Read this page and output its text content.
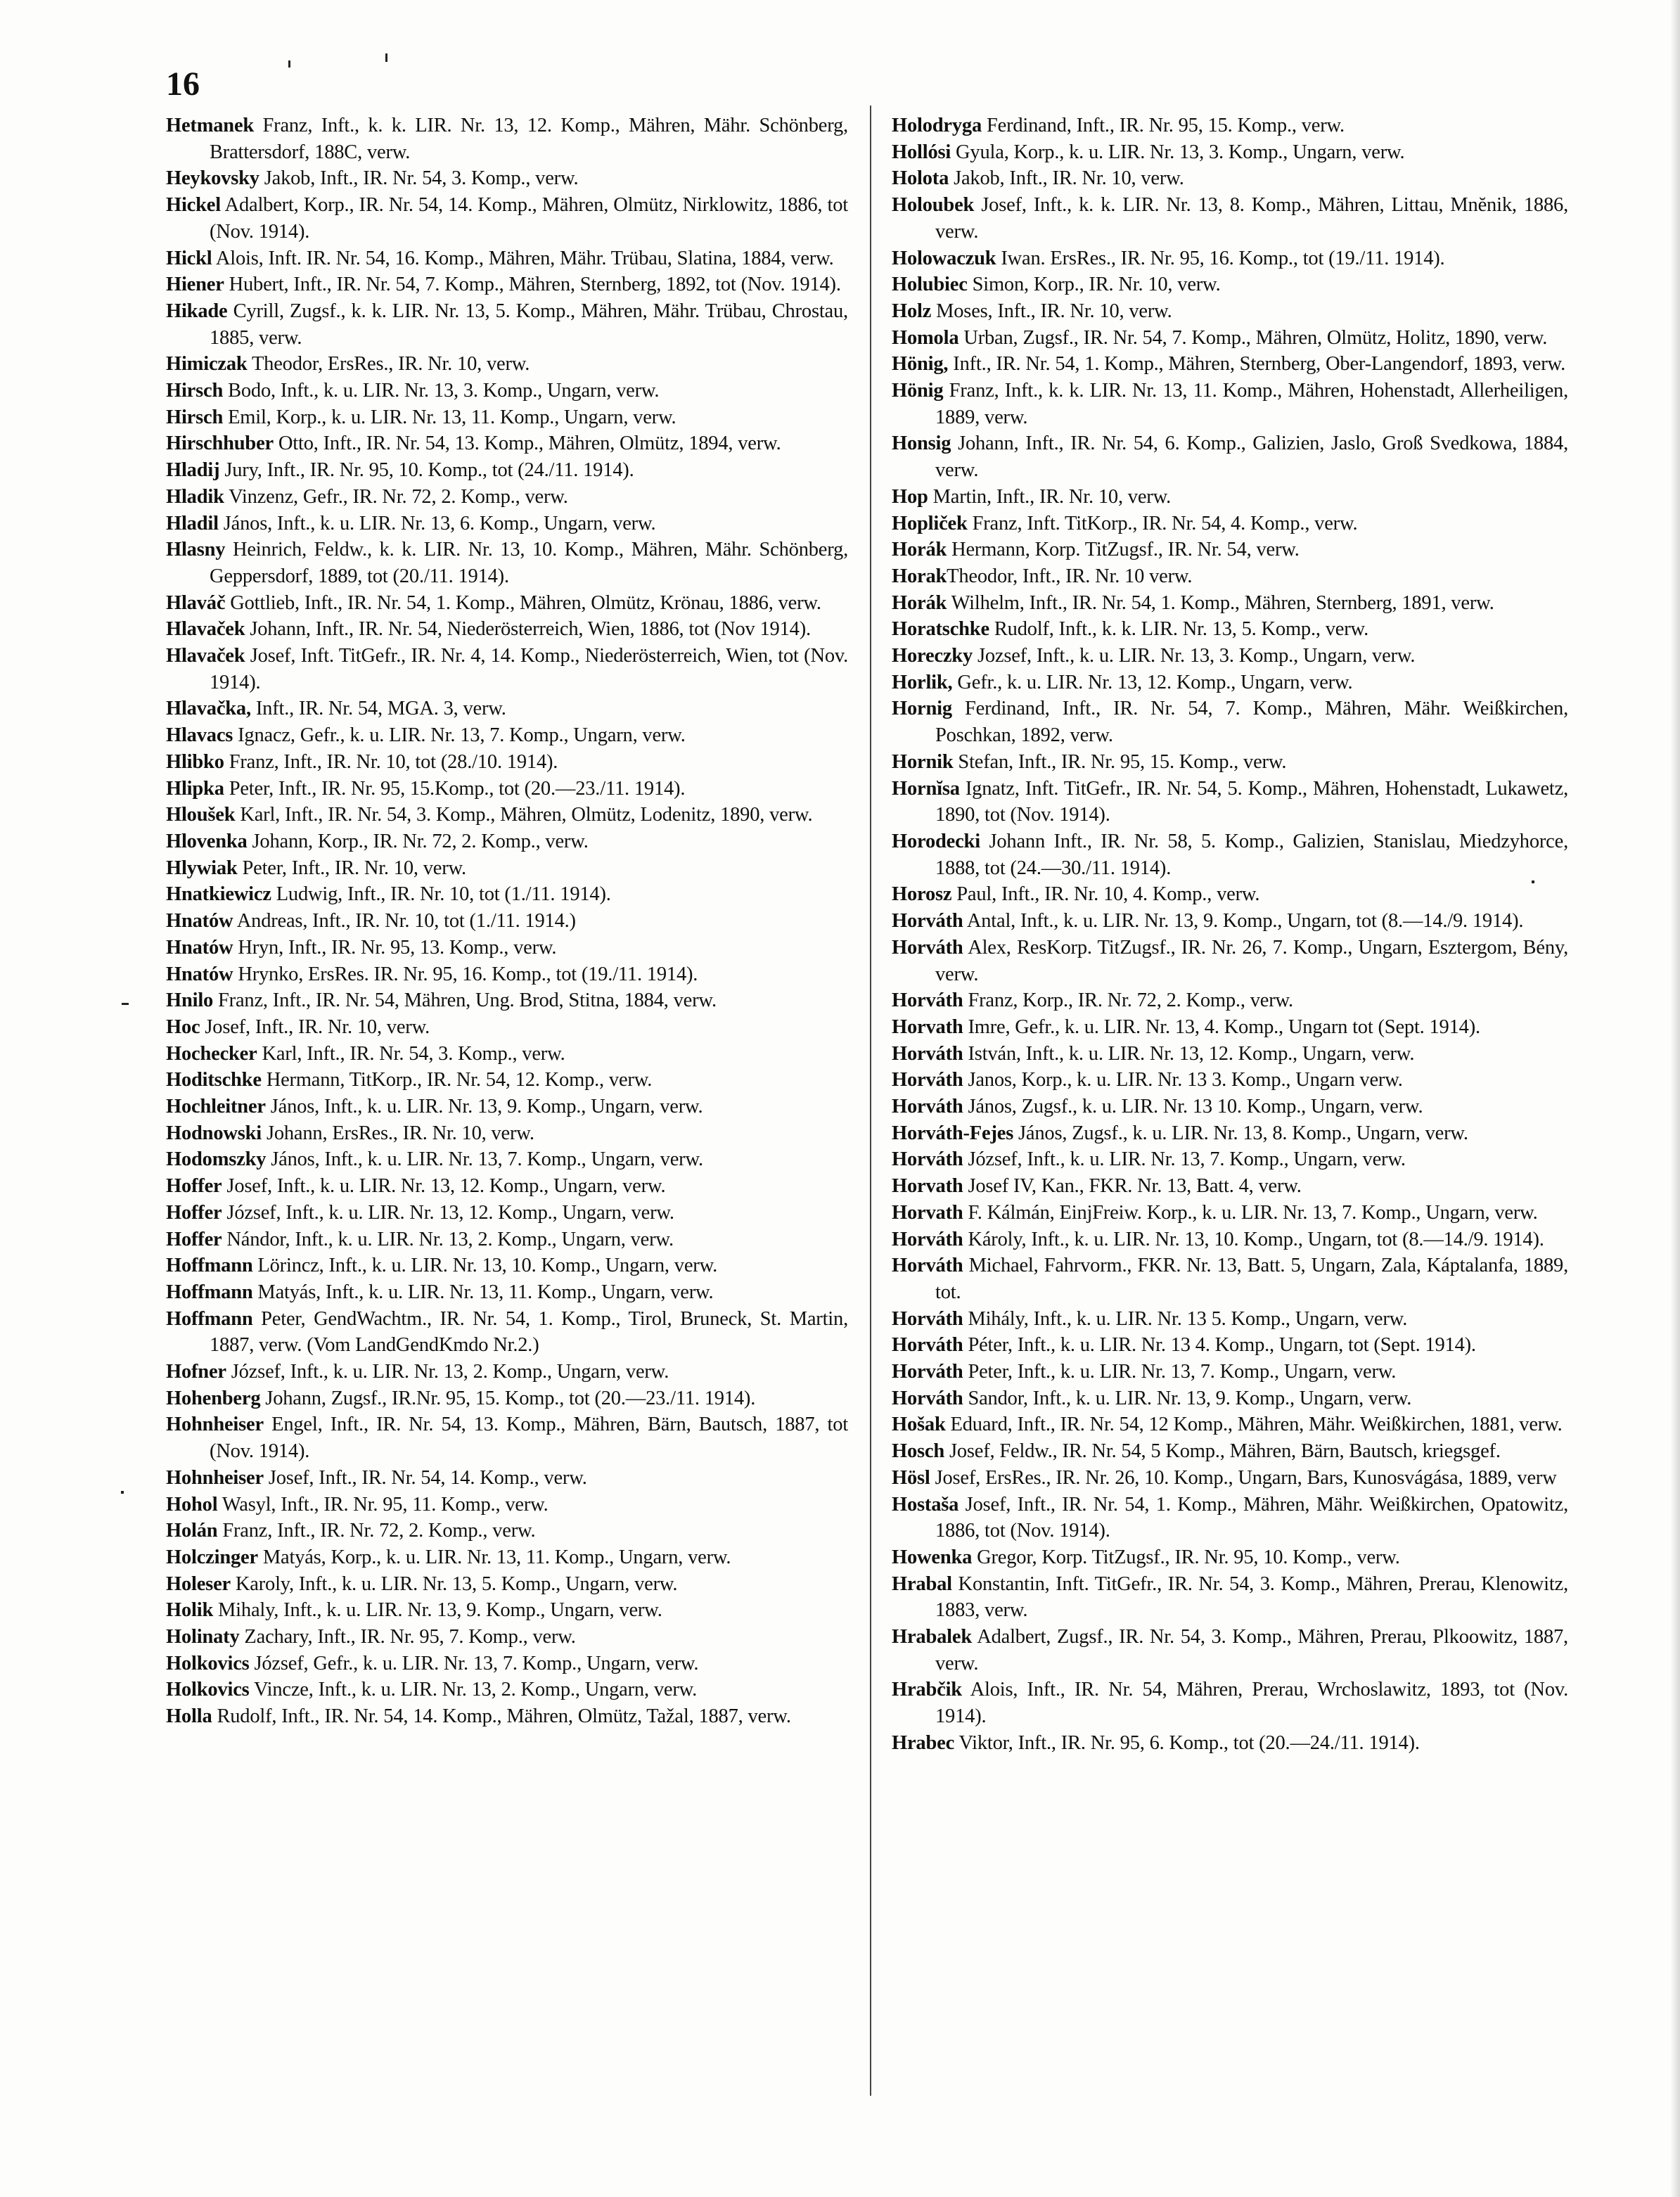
16

Hetmanek Franz, Inft., k. k. LIR. Nr. 13, 12. Komp., Mähren, Mähr. Schönberg, Brattersdorf, 188C, verw.

Heykovsky Jakob, Inft., IR. Nr. 54, 3. Komp., verw.

Hickel Adalbert, Korp., IR. Nr. 54, 14. Komp., Mähren, Olmütz, Nirklowitz, 1886, tot (Nov. 1914).

Hickl Alois, Inft. IR. Nr. 54, 16. Komp., Mähren, Mähr. Trübau, Slatina, 1884, verw.

Hiener Hubert, Inft., IR. Nr. 54, 7. Komp., Mähren, Sternberg, 1892, tot (Nov. 1914).

Hikade Cyrill, Zugsf., k. k. LIR. Nr. 13, 5. Komp., Mähren, Mähr. Trübau, Chrostau, 1885, verw.

Himiczak Theodor, ErsRes., IR. Nr. 10, verw.

Hirsch Bodo, Inft., k. u. LIR. Nr. 13, 3. Komp., Ungarn, verw.

Hirsch Emil, Korp., k. u. LIR. Nr. 13, 11. Komp., Ungarn, verw.

Hirschhuber Otto, Inft., IR. Nr. 54, 13. Komp., Mähren, Olmütz, 1894, verw.

Hladij Jury, Inft., IR. Nr. 95, 10. Komp., tot (24./11. 1914).

Hladik Vinzenz, Gefr., IR. Nr. 72, 2. Komp., verw.

Hladil János, Inft., k. u. LIR. Nr. 13, 6. Komp., Ungarn, verw.

Hlasny Heinrich, Feldw., k. k. LIR. Nr. 13, 10. Komp., Mähren, Mähr. Schönberg, Geppersdorf, 1889, tot (20./11. 1914).

Hlaváč Gottlieb, Inft., IR. Nr. 54, 1. Komp., Mähren, Olmütz, Krönau, 1886, verw.

Hlavaček Johann, Inft., IR. Nr. 54, Niederösterreich, Wien, 1886, tot (Nov 1914).

Hlavaček Josef, Inft. TitGefr., IR. Nr. 4, 14. Komp., Niederösterreich, Wien, tot (Nov. 1914).

Hlavačka, Inft., IR. Nr. 54, MGA. 3, verw.

Hlavacs Ignacz, Gefr., k. u. LIR. Nr. 13, 7. Komp., Ungarn, verw.

Hlibko Franz, Inft., IR. Nr. 10, tot (28./10. 1914).

Hlipka Peter, Inft., IR. Nr. 95, 15.Komp., tot (20.—23./11. 1914).

Hloušek Karl, Inft., IR. Nr. 54, 3. Komp., Mähren, Olmütz, Lodenitz, 1890, verw.

Hlovenka Johann, Korp., IR. Nr. 72, 2. Komp., verw.

Hlywiak Peter, Inft., IR. Nr. 10, verw.

Hnatkiewicz Ludwig, Inft., IR. Nr. 10, tot (1./11. 1914).

Hnatów Andreas, Inft., IR. Nr. 10, tot (1./11. 1914.)

Hnatów Hryn, Inft., IR. Nr. 95, 13. Komp., verw.

Hnatów Hrynko, ErsRes. IR. Nr. 95, 16. Komp., tot (19./11. 1914).

Hnilo Franz, Inft., IR. Nr. 54, Mähren, Ung. Brod, Stitna, 1884, verw.

Hoc Josef, Inft., IR. Nr. 10, verw.

Hochecker Karl, Inft., IR. Nr. 54, 3. Komp., verw.

Hoditschke Hermann, TitKorp., IR. Nr. 54, 12. Komp., verw.

Hochleitner János, Inft., k. u. LIR. Nr. 13, 9. Komp., Ungarn, verw.

Hodnowski Johann, ErsRes., IR. Nr. 10, verw.

Hodomszky János, Inft., k. u. LIR. Nr. 13, 7. Komp., Ungarn, verw.

Hoffer Josef, Inft., k. u. LIR. Nr. 13, 12. Komp., Ungarn, verw.

Hoffer József, Inft., k. u. LIR. Nr. 13, 12. Komp., Ungarn, verw.

Hoffer Nándor, Inft., k. u. LIR. Nr. 13, 2. Komp., Ungarn, verw.

Hoffmann Lörincz, Inft., k. u. LIR. Nr. 13, 10. Komp., Ungarn, verw.

Hoffmann Matyás, Inft., k. u. LIR. Nr. 13, 11. Komp., Ungarn, verw.

Hoffmann Peter, GendWachtm., IR. Nr. 54, 1. Komp., Tirol, Bruneck, St. Martin, 1887, verw. (Vom LandGendKmdo Nr.2.)

Hofner József, Inft., k. u. LIR. Nr. 13, 2. Komp., Ungarn, verw.

Hohenberg Johann, Zugsf., IR.Nr. 95, 15. Komp., tot (20.—23./11. 1914).

Hohnheiser Engel, Inft., IR. Nr. 54, 13. Komp., Mähren, Bärn, Bautsch, 1887, tot (Nov. 1914).

Hohnheiser Josef, Inft., IR. Nr. 54, 14. Komp., verw.

Hohol Wasyl, Inft., IR. Nr. 95, 11. Komp., verw.

Holán Franz, Inft., IR. Nr. 72, 2. Komp., verw.

Holczinger Matyás, Korp., k. u. LIR. Nr. 13, 11. Komp., Ungarn, verw.

Holeser Karoly, Inft., k. u. LIR. Nr. 13, 5. Komp., Ungarn, verw.

Holik Mihaly, Inft., k. u. LIR. Nr. 13, 9. Komp., Ungarn, verw.

Holinaty Zachary, Inft., IR. Nr. 95, 7. Komp., verw.

Holkovics József, Gefr., k. u. LIR. Nr. 13, 7. Komp., Ungarn, verw.

Holkovics Vincze, Inft., k. u. LIR. Nr. 13, 2. Komp., Ungarn, verw.

Holla Rudolf, Inft., IR. Nr. 54, 14. Komp., Mähren, Olmütz, Tažal, 1887, verw.

Holodryga Ferdinand, Inft., IR. Nr. 95, 15. Komp., verw.

Hollósi Gyula, Korp., k. u. LIR. Nr. 13, 3. Komp., Ungarn, verw.

Holota Jakob, Inft., IR. Nr. 10, verw.

Holoubek Josef, Inft., k. k. LIR. Nr. 13, 8. Komp., Mähren, Littau, Mnĕnik, 1886, verw.

Holowaczuk Iwan. ErsRes., IR. Nr. 95, 16. Komp., tot (19./11. 1914).

Holubiec Simon, Korp., IR. Nr. 10, verw.

Holz Moses, Inft., IR. Nr. 10, verw.

Homola Urban, Zugsf., IR. Nr. 54, 7. Komp., Mähren, Olmütz, Holitz, 1890, verw.

Hönig, Inft., IR. Nr. 54, 1. Komp., Mähren, Sternberg, Ober-Langendorf, 1893, verw.

Hönig Franz, Inft., k. k. LIR. Nr. 13, 11. Komp., Mähren, Hohenstadt, Allerheiligen, 1889, verw.

Honsig Johann, Inft., IR. Nr. 54, 6. Komp., Galizien, Jaslo, Groß Svedkowa, 1884, verw.

Hop Martin, Inft., IR. Nr. 10, verw.

Hopliček Franz, Inft. TitKorp., IR. Nr. 54, 4. Komp., verw.

Horák Hermann, Korp. TitZugsf., IR. Nr. 54, verw.

HorakTheodor, Inft., IR. Nr. 10 verw.

Horák Wilhelm, Inft., IR. Nr. 54, 1. Komp., Mähren, Sternberg, 1891, verw.

Horatschke Rudolf, Inft., k. k. LIR. Nr. 13, 5. Komp., verw.

Horeczky Jozsef, Inft., k. u. LIR. Nr. 13, 3. Komp., Ungarn, verw.

Horlik, Gefr., k. u. LIR. Nr. 13, 12. Komp., Ungarn, verw.

Hornig Ferdinand, Inft., IR. Nr. 54, 7. Komp., Mähren, Mähr. Weißkirchen, Poschkan, 1892, verw.

Hornik Stefan, Inft., IR. Nr. 95, 15. Komp., verw.

Hornĭsa Ignatz, Inft. TitGefr., IR. Nr. 54, 5. Komp., Mähren, Hohenstadt, Lukawetz, 1890, tot (Nov. 1914).

Horodecki Johann Inft., IR. Nr. 58, 5. Komp., Galizien, Stanislau, Miedzyhorce, 1888, tot (24.—30./11. 1914).

Horosz Paul, Inft., IR. Nr. 10, 4. Komp., verw.

Horváth Antal, Inft., k. u. LIR. Nr. 13, 9. Komp., Ungarn, tot (8.—14./9. 1914).

Horváth Alex, ResKorp. TitZugsf., IR. Nr. 26, 7. Komp., Ungarn, Esztergom, Bény, verw.

Horváth Franz, Korp., IR. Nr. 72, 2. Komp., verw.

Horvath Imre, Gefr., k. u. LIR. Nr. 13, 4. Komp., Ungarn tot (Sept. 1914).

Horváth István, Inft., k. u. LIR. Nr. 13, 12. Komp., Ungarn, verw.

Horváth Janos, Korp., k. u. LIR. Nr. 13 3. Komp., Ungarn verw.

Horváth János, Zugsf., k. u. LIR. Nr. 13 10. Komp., Ungarn, verw.

Horváth-Fejes János, Zugsf., k. u. LIR. Nr. 13, 8. Komp., Ungarn, verw.

Horváth József, Inft., k. u. LIR. Nr. 13, 7. Komp., Ungarn, verw.

Horvath Josef IV, Kan., FKR. Nr. 13, Batt. 4, verw.

Horvath F. Kálmán, EinjFreiw. Korp., k. u. LIR. Nr. 13, 7. Komp., Ungarn, verw.

Horváth Károly, Inft., k. u. LIR. Nr. 13, 10. Komp., Ungarn, tot (8.—14./9. 1914).

Horváth Michael, Fahrvorm., FKR. Nr. 13, Batt. 5, Ungarn, Zala, Káptalanfa, 1889, tot.

Horváth Mihály, Inft., k. u. LIR. Nr. 13 5. Komp., Ungarn, verw.

Horváth Péter, Inft., k. u. LIR. Nr. 13 4. Komp., Ungarn, tot (Sept. 1914).

Horváth Peter, Inft., k. u. LIR. Nr. 13, 7. Komp., Ungarn, verw.

Horváth Sandor, Inft., k. u. LIR. Nr. 13, 9. Komp., Ungarn, verw.

Hošak Eduard, Inft., IR. Nr. 54, 12 Komp., Mähren, Mähr. Weißkirchen, 1881, verw.

Hosch Josef, Feldw., IR. Nr. 54, 5 Komp., Mähren, Bärn, Bautsch, kriegsgef.

Hösl Josef, ErsRes., IR. Nr. 26, 10. Komp., Ungarn, Bars, Kunosvágása, 1889, verw

Hostaša Josef, Inft., IR. Nr. 54, 1. Komp., Mähren, Mähr. Weißkirchen, Opatowitz, 1886, tot (Nov. 1914).

Howenka Gregor, Korp. TitZugsf., IR. Nr. 95, 10. Komp., verw.

Hrabal Konstantin, Inft. TitGefr., IR. Nr. 54, 3. Komp., Mähren, Prerau, Klenowitz, 1883, verw.

Hrabalek Adalbert, Zugsf., IR. Nr. 54, 3. Komp., Mähren, Prerau, Plkoowitz, 1887, verw.

Hrabčik Alois, Inft., IR. Nr. 54, Mähren, Prerau, Wrchoslawitz, 1893, tot (Nov. 1914).

Hrabec Viktor, Inft., IR. Nr. 95, 6. Komp., tot (20.—24./11. 1914).
